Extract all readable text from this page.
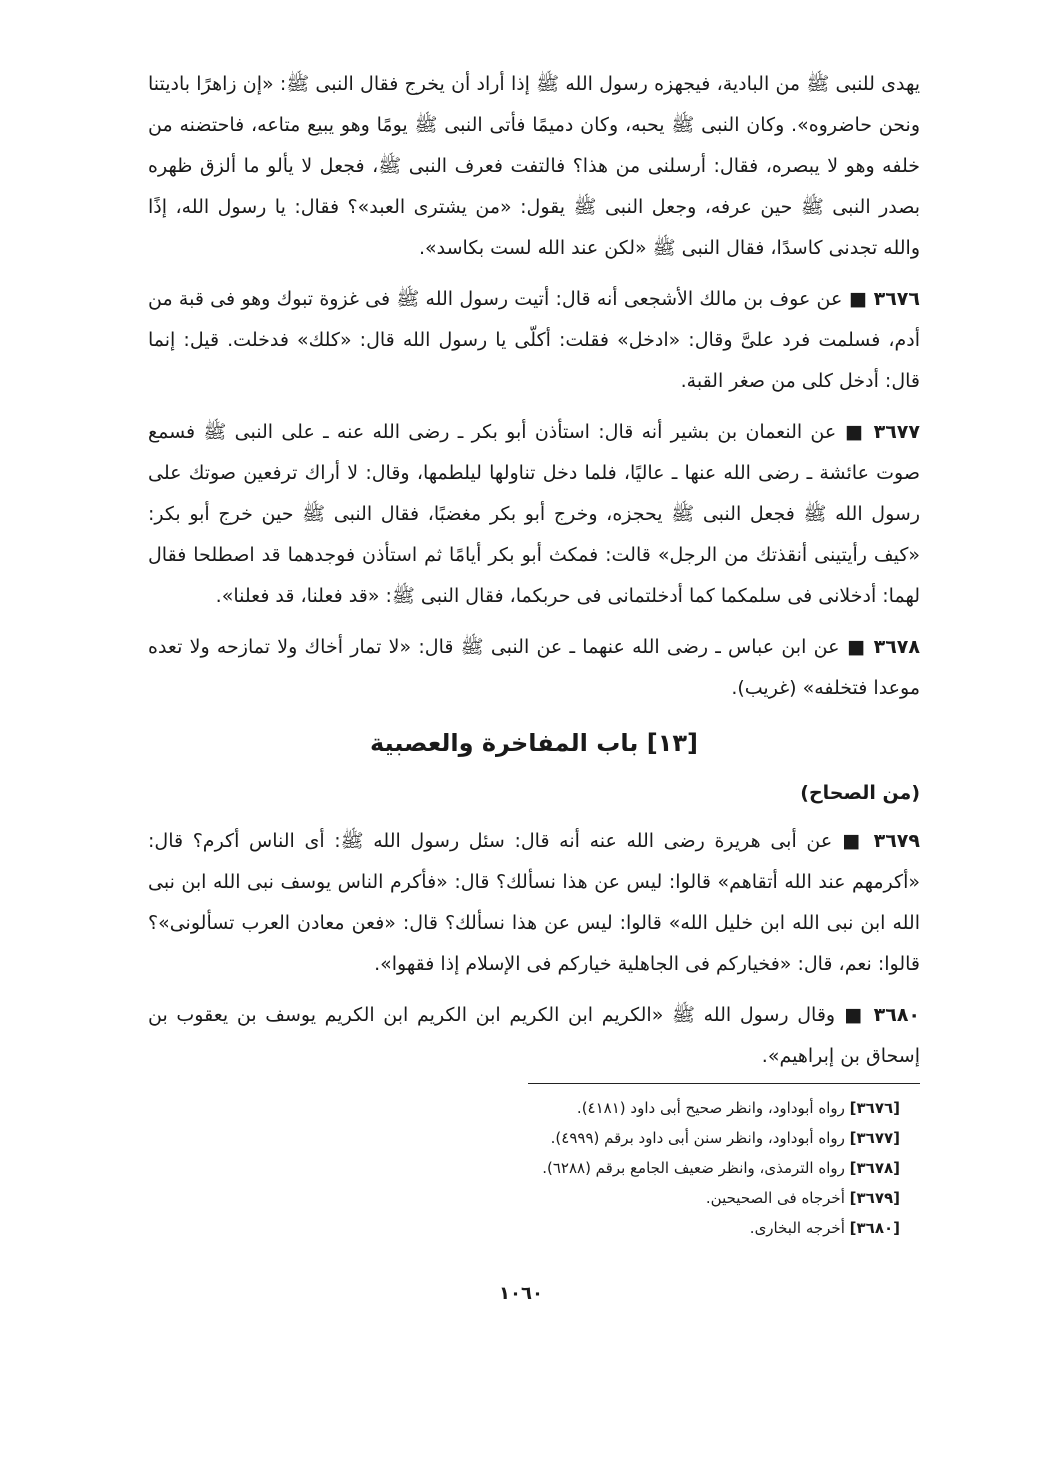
يهدى للنبى ﷺ من البادية، فيجهزه رسول الله ﷺ إذا أراد أن يخرج فقال النبى ﷺ: «إن زاهرًا باديتنا ونحن حاضروه». وكان النبى ﷺ يحبه، وكان دميمًا فأتى النبى ﷺ يومًا وهو يبيع متاعه، فاحتضنه من خلفه وهو لا يبصره، فقال: أرسلنى من هذا؟ فالتفت فعرف النبى ﷺ، فجعل لا يألو ما ألزق ظهره بصدر النبى ﷺ حين عرفه، وجعل النبى ﷺ يقول: «من يشترى العبد»؟ فقال: يا رسول الله، إذًا والله تجدنى كاسدًا، فقال النبى ﷺ «لكن عند الله لست بكاسد».

٣٦٧٦ ■ عن عوف بن مالك الأشجعى أنه قال: أتيت رسول الله ﷺ فى غزوة تبوك وهو فى قبة من أدم، فسلمت فرد علىَّ وقال: «ادخل» فقلت: أكلّى يا رسول الله قال: «كلك» فدخلت. قيل: إنما قال: أدخل كلى من صغر القبة.

٣٦٧٧ ■ عن النعمان بن بشير أنه قال: استأذن أبو بكر ـ رضى الله عنه ـ على النبى ﷺ فسمع صوت عائشة ـ رضى الله عنها ـ عاليًا، فلما دخل تناولها ليلطمها، وقال: لا أراك ترفعين صوتك على رسول الله ﷺ فجعل النبى ﷺ يحجزه، وخرج أبو بكر مغضبًا، فقال النبى ﷺ حين خرج أبو بكر: «كيف رأيتينى أنقذتك من الرجل» قالت: فمكث أبو بكر أيامًا ثم استأذن فوجدهما قد اصطلحا فقال لهما: أدخلانى فى سلمكما كما أدخلتمانى فى حربكما، فقال النبى ﷺ: «قد فعلنا، قد فعلنا».

٣٦٧٨ ■ عن ابن عباس ـ رضى الله عنهما ـ عن النبى ﷺ قال: «لا تمار أخاك ولا تمازحه ولا تعده موعدا فتخلفه» (غريب).

[١٣] باب المفاخرة والعصبية
(من الصحاح)

٣٦٧٩ ■ عن أبى هريرة رضى الله عنه أنه قال: سئل رسول الله ﷺ: أى الناس أكرم؟ قال: «أكرمهم عند الله أتقاهم» قالوا: ليس عن هذا نسألك؟ قال: «فأكرم الناس يوسف نبى الله ابن نبى الله ابن نبى الله ابن خليل الله» قالوا: ليس عن هذا نسألك؟ قال: «فعن معادن العرب تسألونى»؟ قالوا: نعم، قال: «فخياركم فى الجاهلية خياركم فى الإسلام إذا فقهوا».

٣٦٨٠ ■ وقال رسول الله ﷺ «الكريم ابن الكريم ابن الكريم ابن الكريم يوسف بن يعقوب بن إسحاق بن إبراهيم».

[٣٦٧٦] رواه أبوداود، وانظر صحيح أبى داود (٤١٨١).

[٣٦٧٧] رواه أبوداود، وانظر سنن أبى داود برقم (٤٩٩٩).

[٣٦٧٨] رواه الترمذى، وانظر ضعيف الجامع برقم (٦٢٨٨).

[٣٦٧٩] أخرجاه فى الصحيحين.

[٣٦٨٠] أخرجه البخارى.

١٠٦٠
